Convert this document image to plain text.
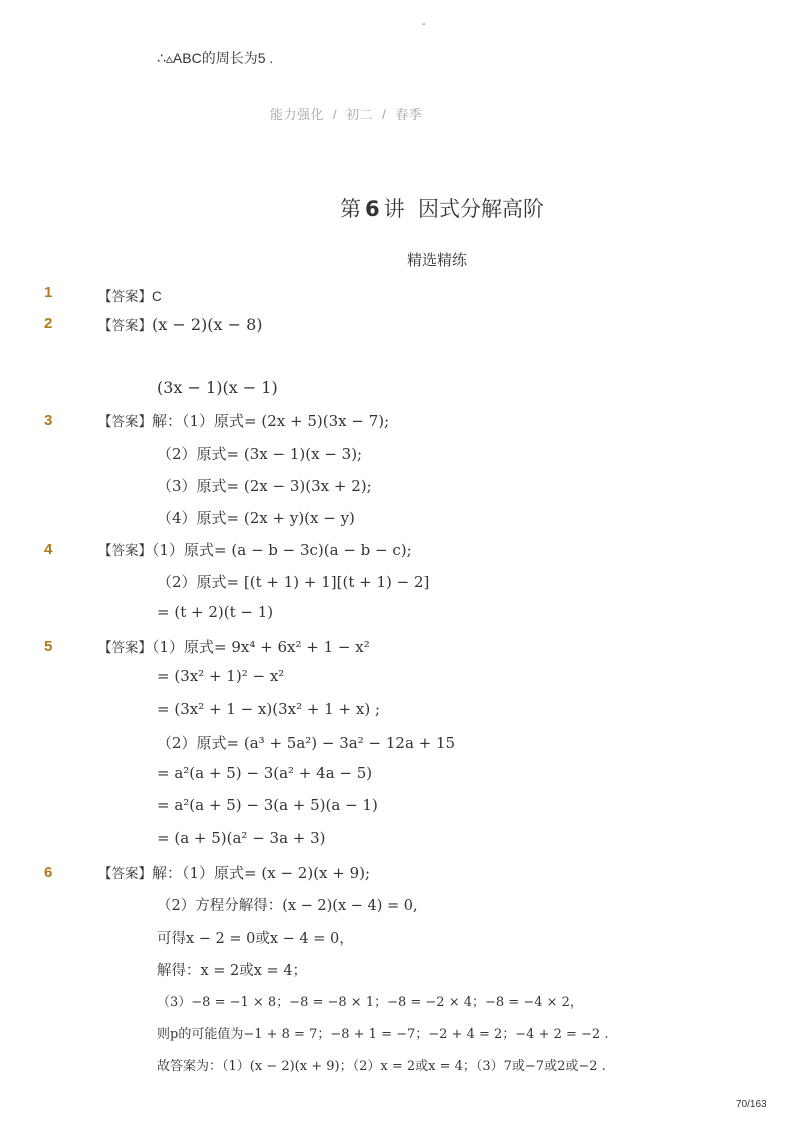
-
∴▵ABC的周长为5 .
能力强化 / 初二 / 春季
第 6 讲 因式分解高阶
精选精练
1	【答案】C
2	【答案】(x − 2)(x − 8)
(3x − 1)(x − 1)
3	【答案】解：（1）原式= (2x + 5)(3x − 7);
（2）原式= (3x − 1)(x − 3);
（3）原式= (2x − 3)(3x + 2);
（4）原式= (2x + y)(x − y)
4	【答案】（1）原式= (a − b − 3c)(a − b − c);
（2）原式= [(t + 1) + 1][(t + 1) − 2]
= (t + 2)(t − 1)
5	【答案】（1）原式= 9x⁴ + 6x² + 1 − x²
= (3x² + 1)² − x²
= (3x² + 1 − x)(3x² + 1 + x) ;
（2）原式= (a³ + 5a²) − 3a² − 12a + 15
= a²(a + 5) − 3(a² + 4a − 5)
= a²(a + 5) − 3(a + 5)(a − 1)
= (a + 5)(a² − 3a + 3)
6	【答案】解：（1）原式= (x − 2)(x + 9);
（2）方程分解得：(x − 2)(x − 4) = 0,
可得x − 2 = 0或x − 4 = 0，
解得：x = 2或x = 4；
（3）−8 = −1 × 8；−8 = −8 × 1；−8 = −2 × 4；−8 = −4 × 2，
则p的可能值为−1 + 8 = 7；−8 + 1 = −7；−2 + 4 = 2；−4 + 2 = −2 .
故答案为：（1）(x − 2)(x + 9)；（2）x = 2或x = 4；（3）7或−7或2或−2 .
70/163
